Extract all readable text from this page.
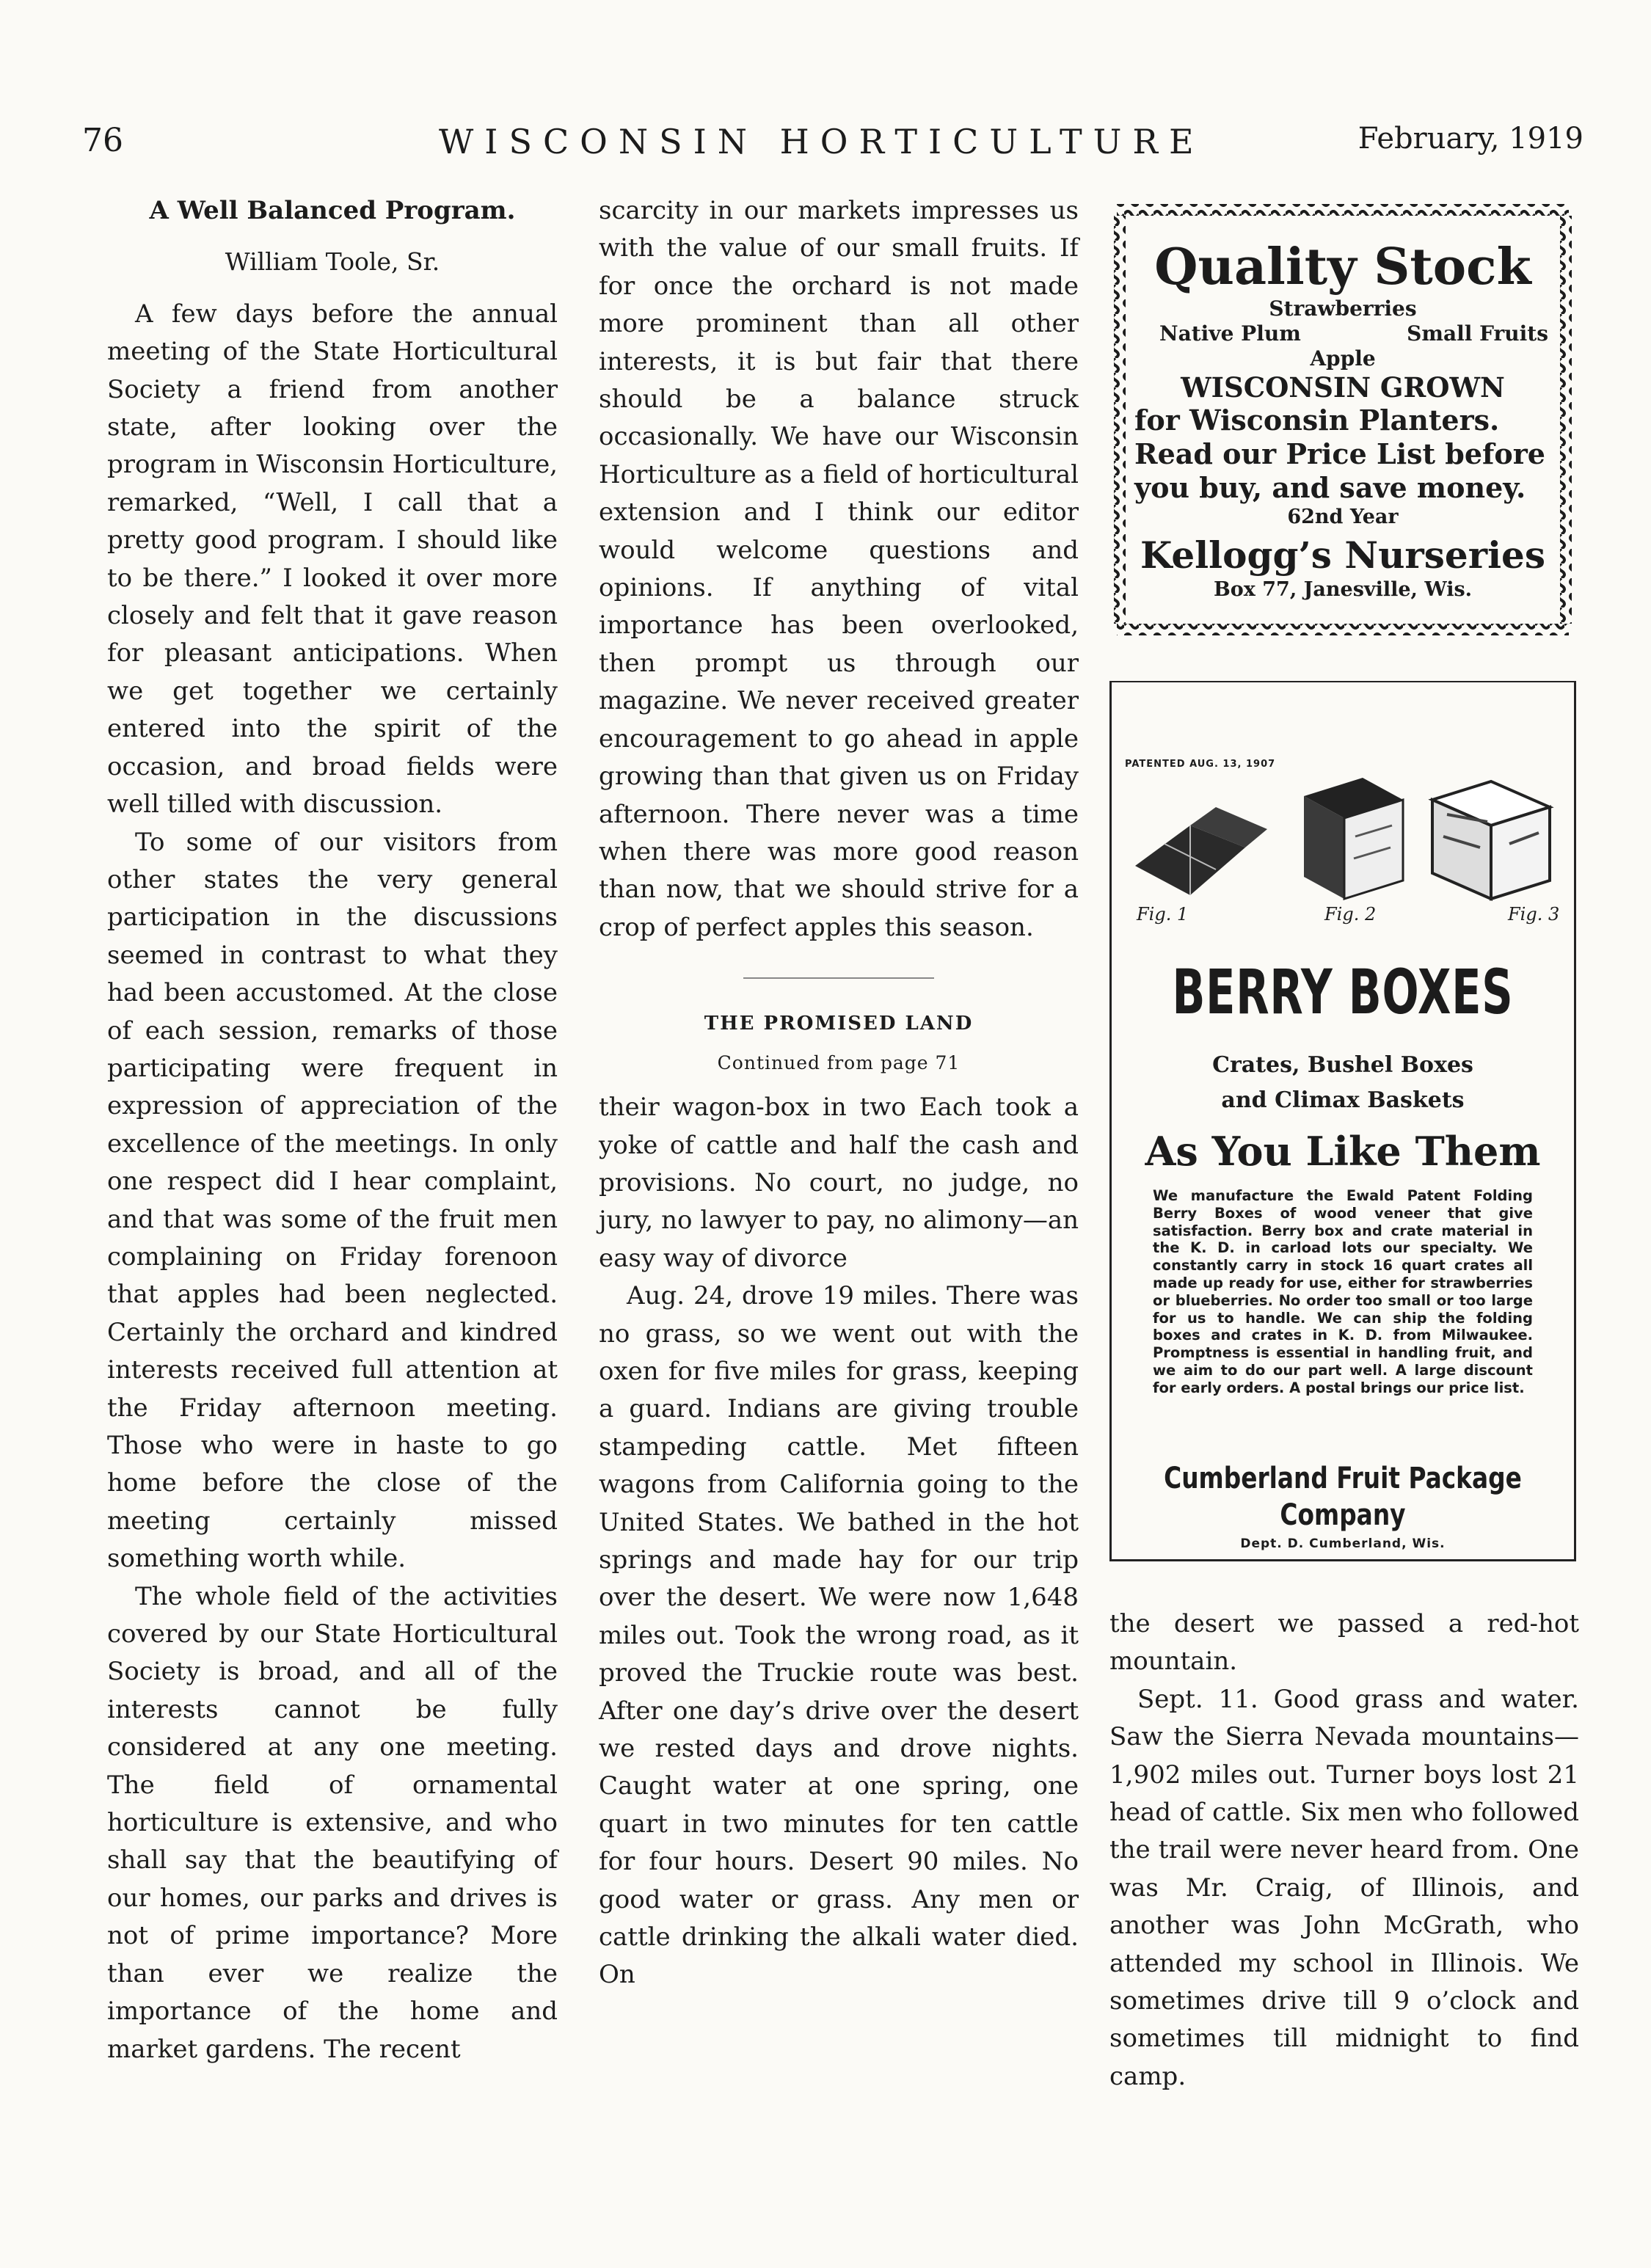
76	WISCONSIN HORTICULTURE	February, 1919
A Well Balanced Program.
William Toole, Sr.

A few days before the annual meeting of the State Horticultural Society a friend from another state, after looking over the program in Wisconsin Horticulture, remarked, “Well, I call that a pretty good program. I should like to be there.” I looked it over more closely and felt that it gave reason for pleasant anticipations. When we get together we certainly entered into the spirit of the occasion, and broad fields were well tilled with discussion.

To some of our visitors from other states the very general participation in the discussions seemed in contrast to what they had been accustomed. At the close of each session, remarks of those participating were frequent in expression of appreciation of the excellence of the meetings. In only one respect did I hear complaint, and that was some of the fruit men complaining on Friday forenoon that apples had been neglected. Certainly the orchard and kindred interests received full attention at the Friday afternoon meeting. Those who were in haste to go home before the close of the meeting certainly missed something worth while.

The whole field of the activities covered by our State Horticultural Society is broad, and all of the interests cannot be fully considered at any one meeting. The field of ornamental horticulture is extensive, and who shall say that the beautifying of our homes, our parks and drives is not of prime importance? More than ever we realize the importance of the home and market gardens. The recent

scarcity in our markets impresses us with the value of our small fruits. If for once the orchard is not made more prominent than all other interests, it is but fair that there should be a balance struck occasionally. We have our Wisconsin Horticulture as a field of horticultural extension and I think our editor would welcome questions and opinions. If anything of vital importance has been overlooked, then prompt us through our magazine. We never received greater encouragement to go ahead in apple growing than that given us on Friday afternoon. There never was a time when there was more good reason than now, that we should strive for a crop of perfect apples this season.

THE PROMISED LAND
Continued from page 71

their wagon-box in two Each took a yoke of cattle and half the cash and provisions. No court, no judge, no jury, no lawyer to pay, no alimony—an easy way of divorce

Aug. 24, drove 19 miles. There was no grass, so we went out with the oxen for five miles for grass, keeping a guard. Indians are giving trouble stampeding cattle. Met fifteen wagons from California going to the United States. We bathed in the hot springs and made hay for our trip over the desert. We were now 1,648 miles out. Took the wrong road, as it proved the Truckie route was best. After one day’s drive over the desert we rested days and drove nights. Caught water at one spring, one quart in two minutes for ten cattle for four hours. Desert 90 miles. No good water or grass. Any men or cattle drinking the alkali water died. On

the desert we passed a red-hot mountain.

Sept. 11. Good grass and water. Saw the Sierra Nevada mountains—1,902 miles out. Turner boys lost 21 head of cattle. Six men who followed the trail were never heard from. One was Mr. Craig, of Illinois, and another was John McGrath, who attended my school in Illinois. We sometimes drive till 9 o’clock and sometimes till midnight to find camp.

Quality Stock
Strawberries
Native Plum	Small Fruits
Apple
WISCONSIN GROWN
for Wisconsin Planters. Read our Price List before you buy, and save money.
62nd Year
Kellogg’s Nurseries
Box 77, Janesville, Wis.
PATENTED AUG. 13, 1907
Fig. 1	Fig. 2	Fig. 3
BERRY BOXES
Crates, Bushel Boxes
and Climax Baskets
As You Like Them
We manufacture the Ewald Patent Folding Berry Boxes of wood veneer that give satisfaction. Berry box and crate material in the K. D. in carload lots our specialty. We constantly carry in stock 16 quart crates all made up ready for use, either for strawberries or blueberries. No order too small or too large for us to handle. We can ship the folding boxes and crates in K. D. from Milwaukee. Promptness is essential in handling fruit, and we aim to do our part well. A large discount for early orders. A postal brings our price list.
Cumberland Fruit Package
Company
Dept. D. Cumberland, Wis.
